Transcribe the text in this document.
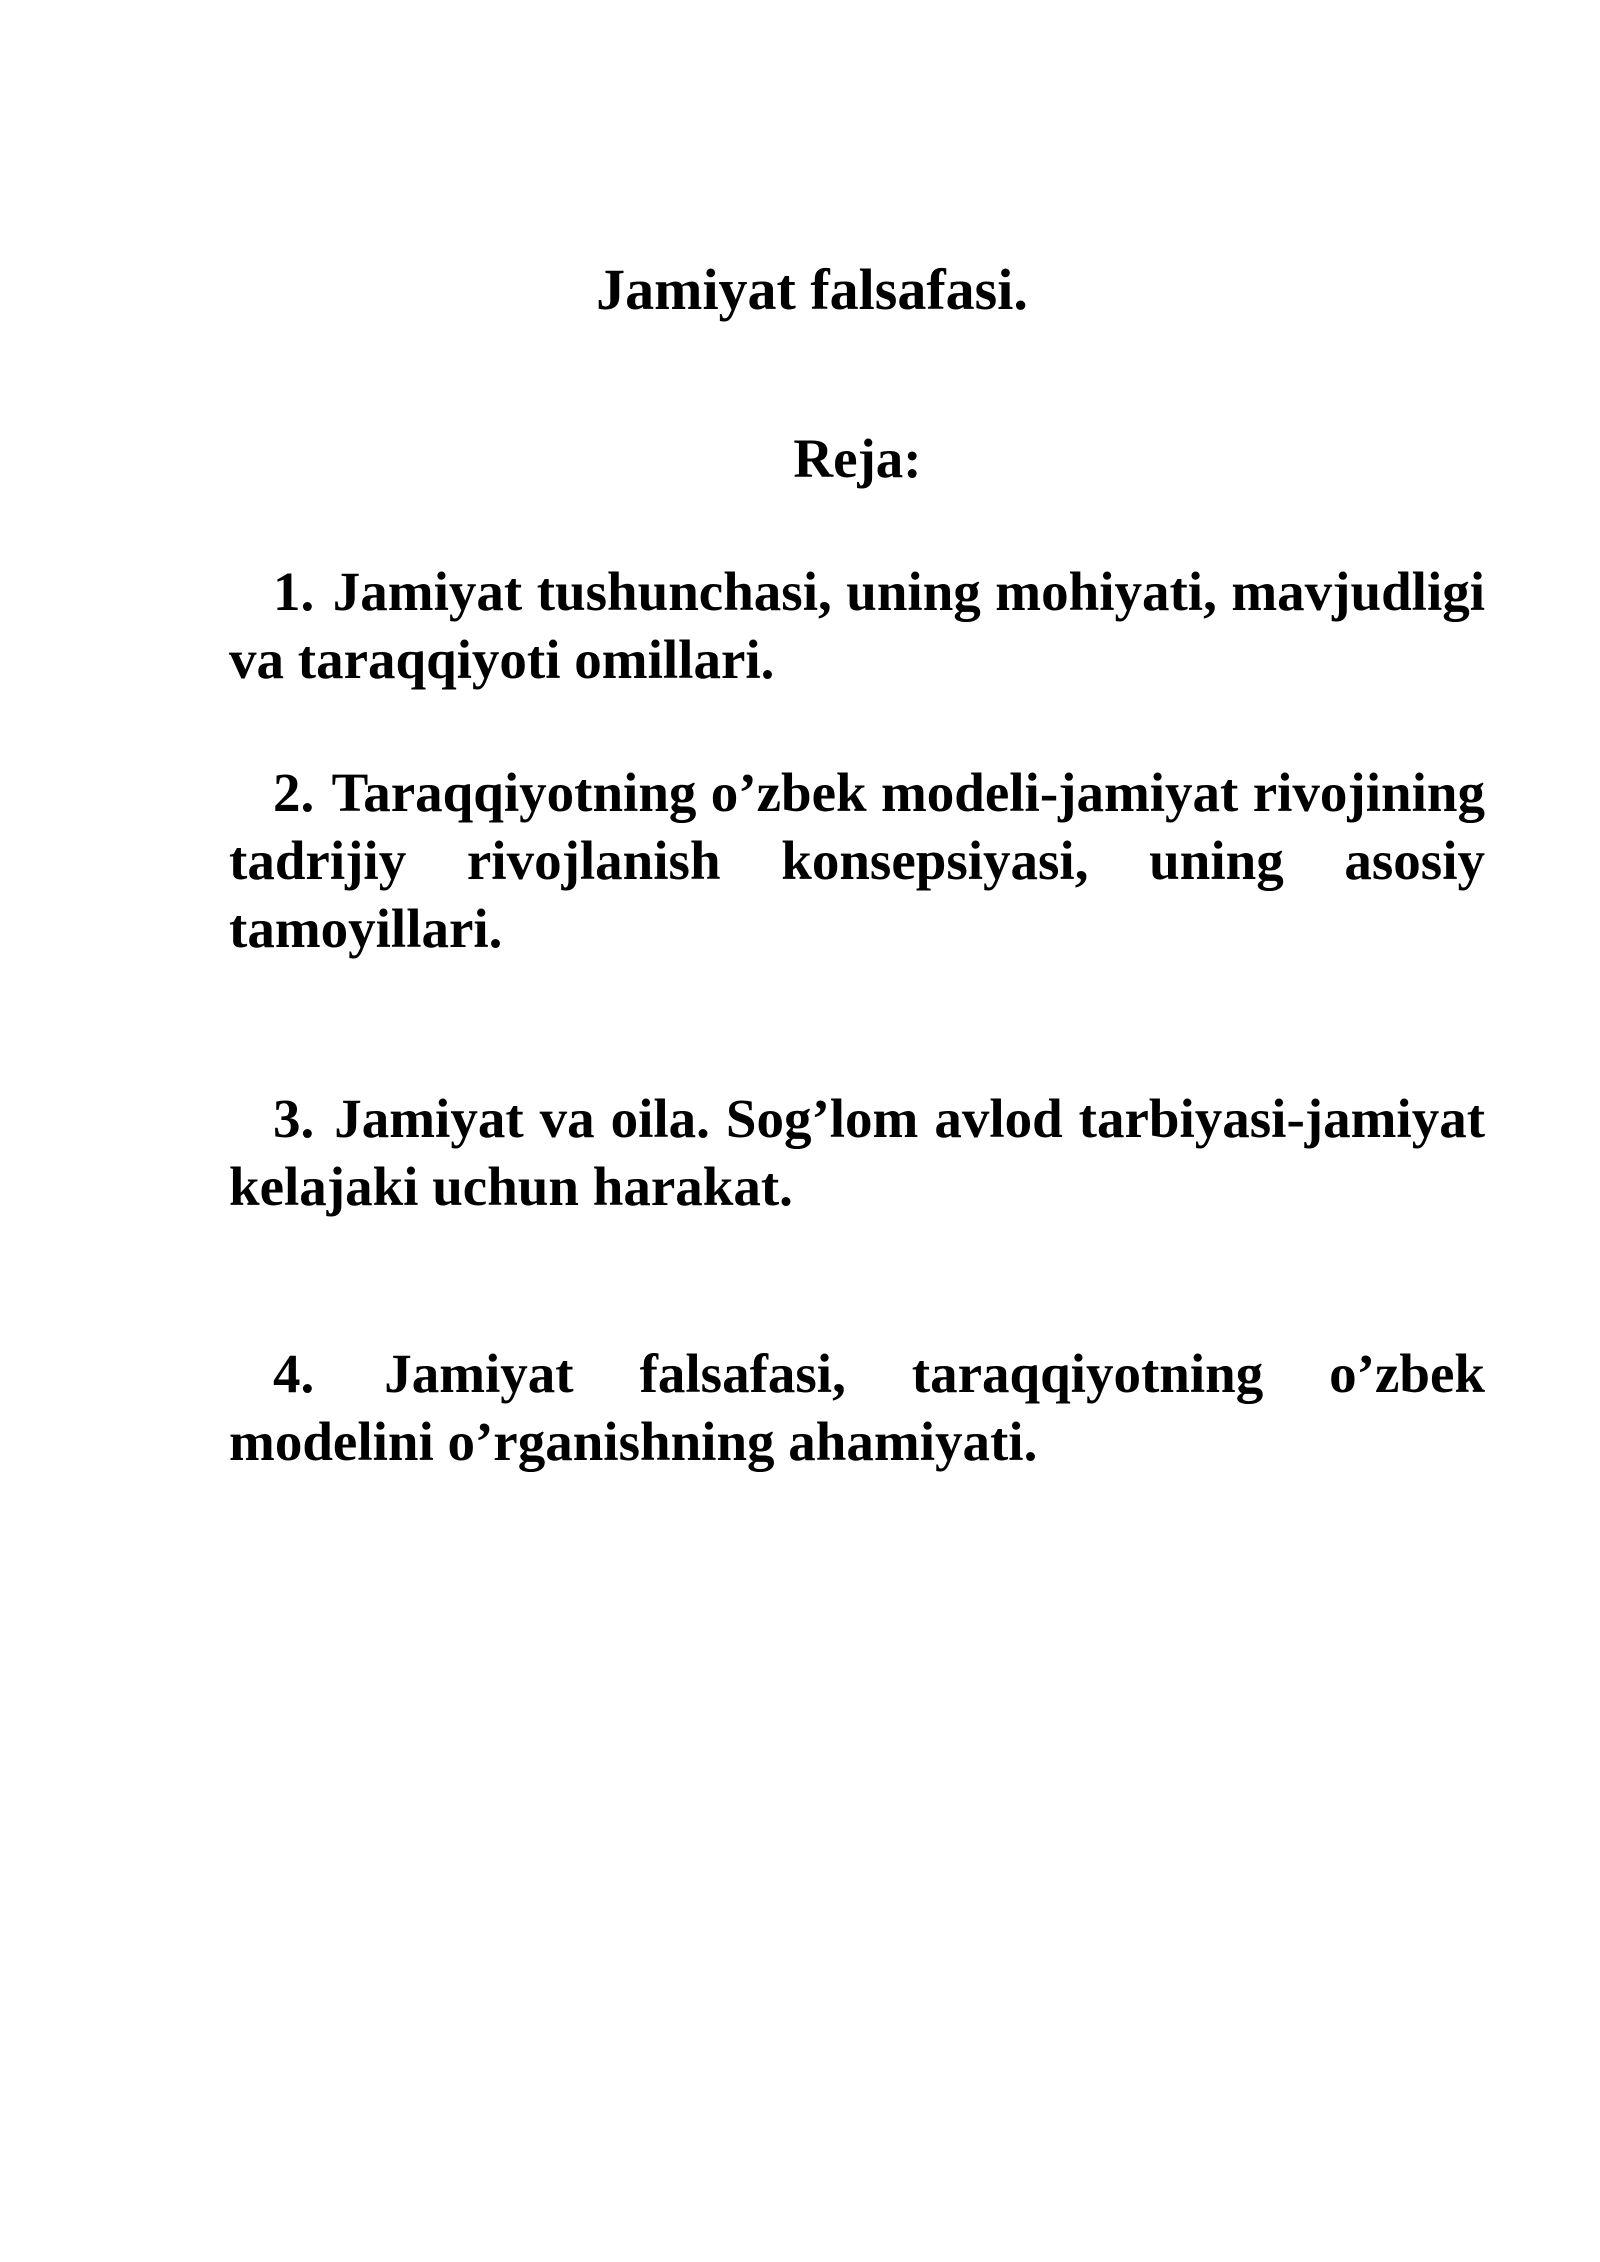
Jamiyat falsafasi.
Reja:

1. Jamiyat tushunchasi, uning mohiyati, mavjudligi va taraqqiyoti omillari.

2. Taraqqiyotning o’zbek modeli-jamiyat rivojining tadrijiy rivojlanish konsepsiyasi, uning asosiy tamoyillari.

3. Jamiyat va oila. Sog’lom avlod tarbiyasi-jamiyat kelajaki uchun harakat.

4. Jamiyat falsafasi, taraqqiyotning o’zbek modelini o’rganishning ahamiyati.
